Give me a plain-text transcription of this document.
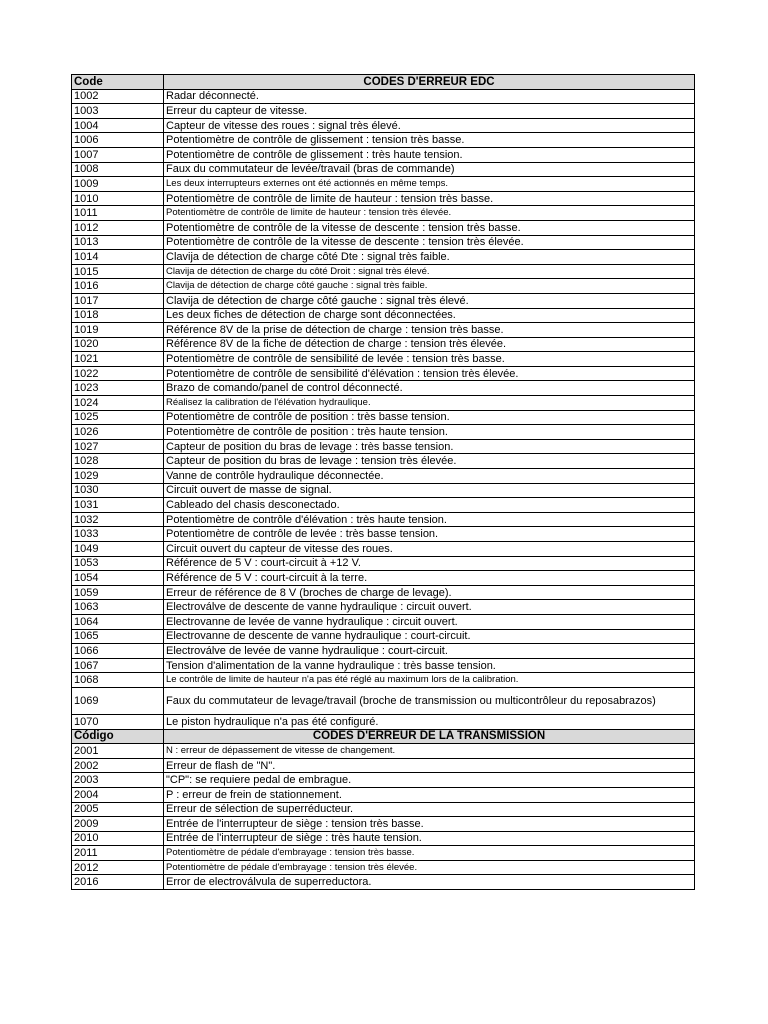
Code	CODES D'ERREUR EDC
1002	Radar déconnecté.
1003	Erreur du capteur de vitesse.
1004	Capteur de vitesse des roues : signal très élevé.
1006	Potentiomètre de contrôle de glissement : tension très basse.
1007	Potentiomètre de contrôle de glissement : très haute tension.
1008	Faux du commutateur de levée/travail (bras de commande)
1009	Les deux interrupteurs externes ont été actionnés en même temps.
1010	Potentiomètre de contrôle de limite de hauteur : tension très basse.
1011	Potentiomètre de contrôle de limite de hauteur : tension très élevée.
1012	Potentiomètre de contrôle de la vitesse de descente : tension très basse.
1013	Potentiomètre de contrôle de la vitesse de descente : tension très élevée.
1014	Clavija de détection de charge côté Dte : signal très faible.
1015	Clavija de détection de charge du côté Droit : signal très élevé.
1016	Clavija de détection de charge côté gauche : signal très faible.
1017	Clavija de détection de charge côté gauche : signal très élevé.
1018	Les deux fiches de détection de charge sont déconnectées.
1019	Référence 8V de la prise de détection de charge : tension très basse.
1020	Référence 8V de la fiche de détection de charge : tension très élevée.
1021	Potentiomètre de contrôle de sensibilité de levée : tension très basse.
1022	Potentiomètre de contrôle de sensibilité d'élévation : tension très élevée.
1023	Brazo de comando/panel de control déconnecté.
1024	Réalisez la calibration de l'élévation hydraulique.
1025	Potentiomètre de contrôle de position : très basse tension.
1026	Potentiomètre de contrôle de position : très haute tension.
1027	Capteur de position du bras de levage : très basse tension.
1028	Capteur de position du bras de levage : tension très élevée.
1029	Vanne de contrôle hydraulique déconnectée.
1030	Circuit ouvert de masse de signal.
1031	Cableado del chasis desconectado.
1032	Potentiomètre de contrôle d'élévation : très haute tension.
1033	Potentiomètre de contrôle de levée : très basse tension.
1049	Circuit ouvert du capteur de vitesse des roues.
1053	Référence de 5 V : court-circuit à +12 V.
1054	Référence de 5 V : court-circuit à la terre.
1059	Erreur de référence de 8 V (broches de charge de levage).
1063	Electroválve de descente de vanne hydraulique : circuit ouvert.
1064	Electrovanne de levée de vanne hydraulique : circuit ouvert.
1065	Electrovanne de descente de vanne hydraulique : court-circuit.
1066	Electroválve de levée de vanne hydraulique : court-circuit.
1067	Tension d'alimentation de la vanne hydraulique : très basse tension.
1068	Le contrôle de limite de hauteur n'a pas été réglé au maximum lors de la calibration.
1069	Faux du commutateur de levage/travail (broche de transmission ou multicontrôleur du reposabrazos)
1070	Le piston hydraulique n'a pas été configuré.
Código	CODES D'ERREUR DE LA TRANSMISSION
2001	N : erreur de dépassement de vitesse de changement.
2002	Erreur de flash de "N".
2003	"CP": se requiere pedal de embrague.
2004	P : erreur de frein de stationnement.
2005	Erreur de sélection de superréducteur.
2009	Entrée de l'interrupteur de siège : tension très basse.
2010	Entrée de l'interrupteur de siège : très haute tension.
2011	Potentiomètre de pédale d'embrayage : tension très basse.
2012	Potentiomètre de pédale d'embrayage : tension très élevée.
2016	Error de electroválvula de superreductora.
